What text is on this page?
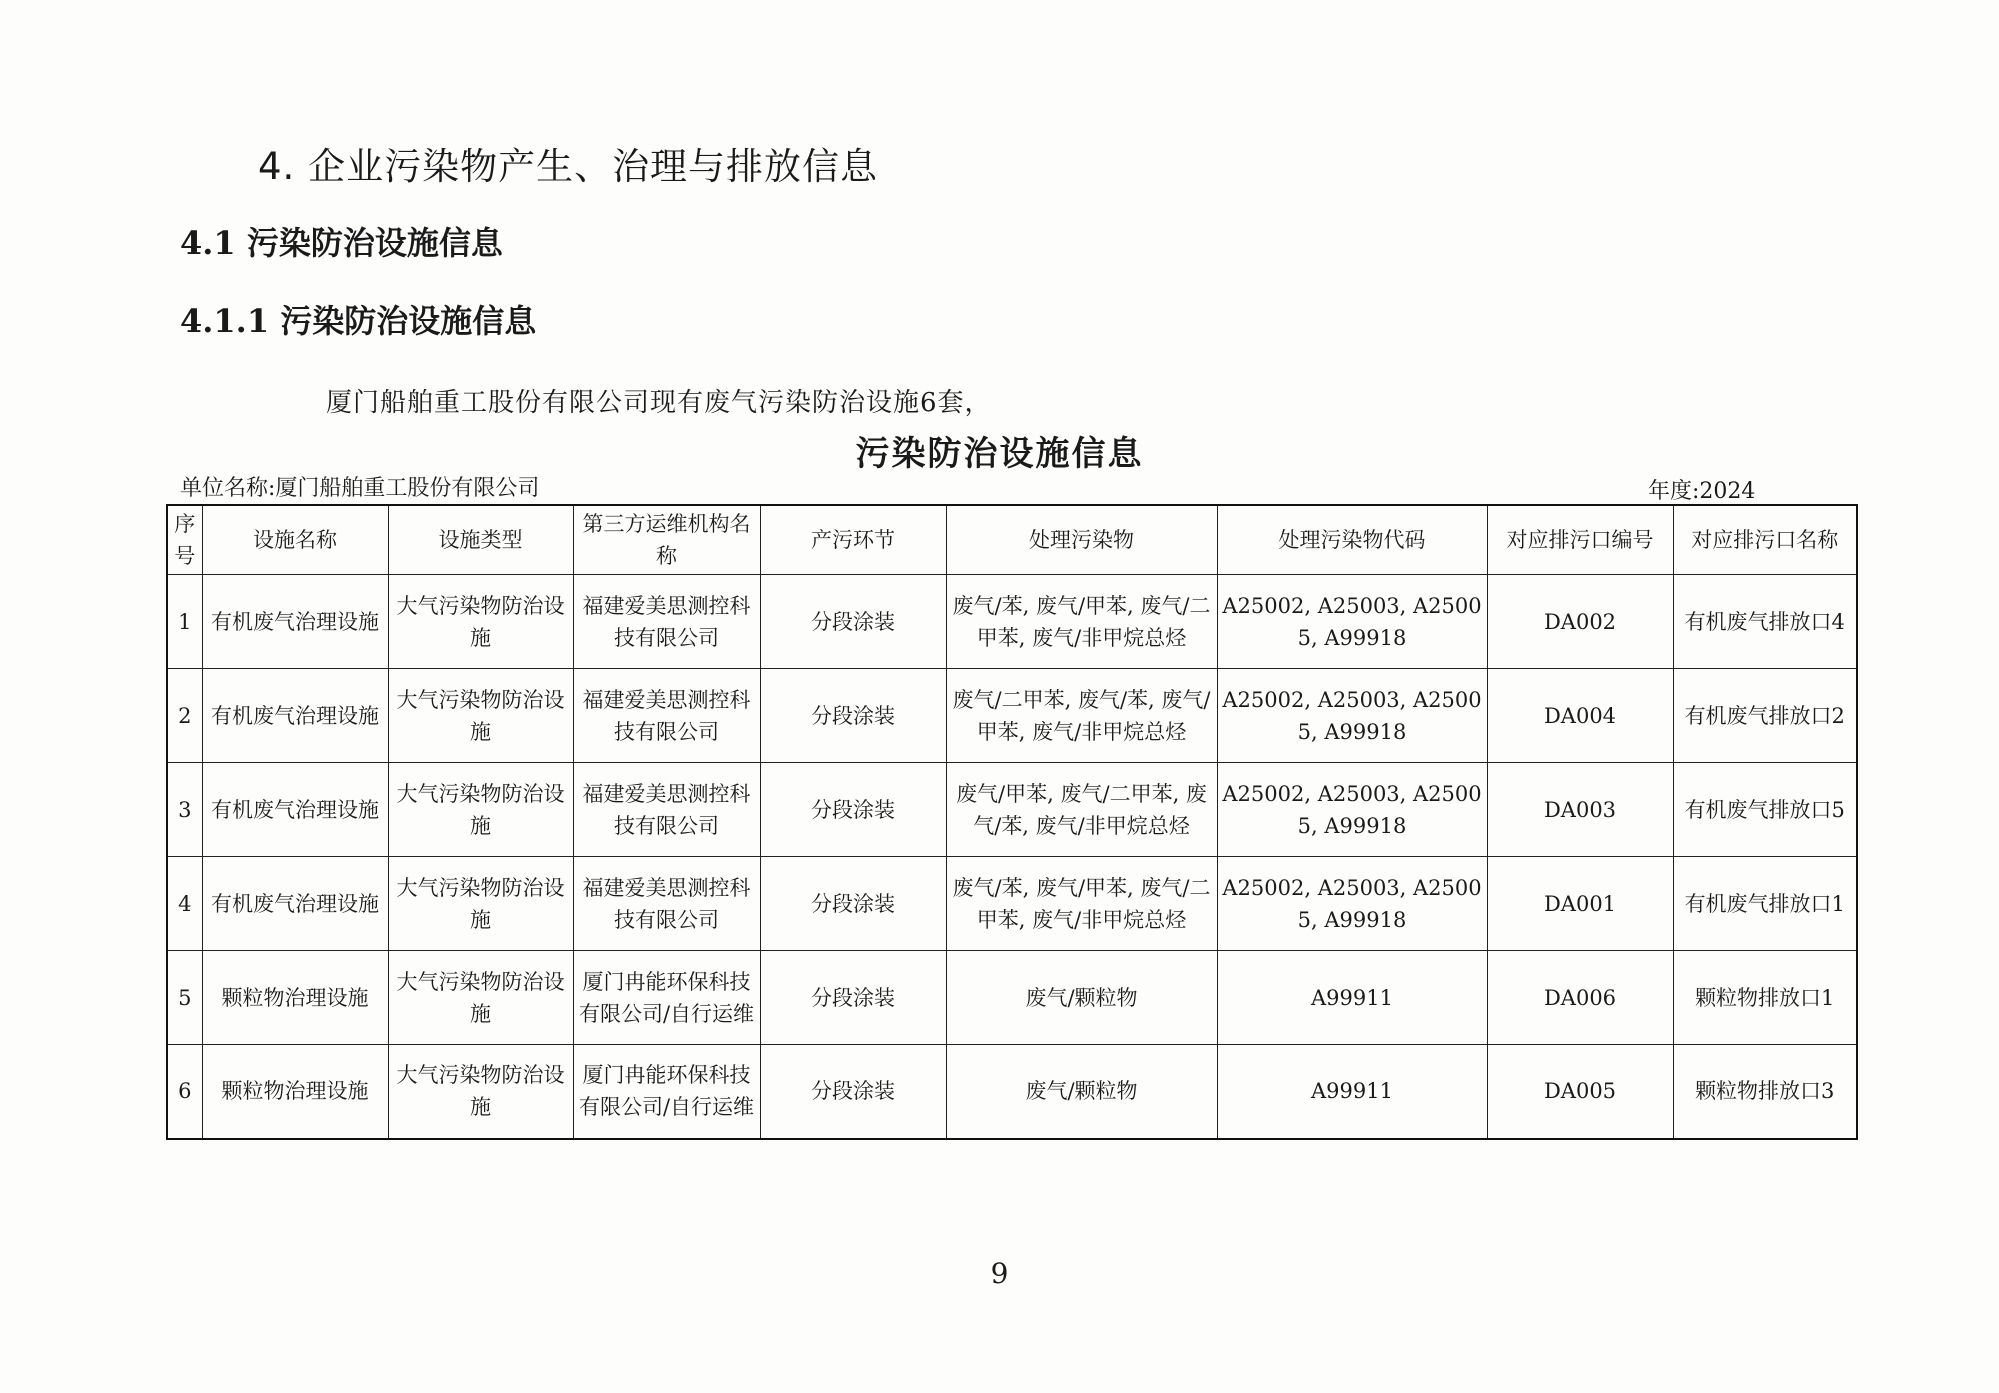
4. 企业污染物产生、治理与排放信息
4.1 污染防治设施信息
4.1.1 污染防治设施信息
厦门船舶重工股份有限公司现有废气污染防治设施6套，
污染防治设施信息
单位名称:厦门船舶重工股份有限公司	年度:2024
序号	设施名称	设施类型	第三方运维机构名称	产污环节	处理污染物	处理污染物代码	对应排污口编号	对应排污口名称
1	有机废气治理设施	大气污染物防治设施	福建爱美思测控科技有限公司	分段涂装	废气/苯, 废气/甲苯, 废气/二甲苯, 废气/非甲烷总烃	A25002, A25003, A25005, A99918	DA002	有机废气排放口4
2	有机废气治理设施	大气污染物防治设施	福建爱美思测控科技有限公司	分段涂装	废气/二甲苯, 废气/苯, 废气/甲苯, 废气/非甲烷总烃	A25002, A25003, A25005, A99918	DA004	有机废气排放口2
3	有机废气治理设施	大气污染物防治设施	福建爱美思测控科技有限公司	分段涂装	废气/甲苯, 废气/二甲苯, 废气/苯, 废气/非甲烷总烃	A25002, A25003, A25005, A99918	DA003	有机废气排放口5
4	有机废气治理设施	大气污染物防治设施	福建爱美思测控科技有限公司	分段涂装	废气/苯, 废气/甲苯, 废气/二甲苯, 废气/非甲烷总烃	A25002, A25003, A25005, A99918	DA001	有机废气排放口1
5	颗粒物治理设施	大气污染物防治设施	厦门冉能环保科技有限公司/自行运维	分段涂装	废气/颗粒物	A99911	DA006	颗粒物排放口1
6	颗粒物治理设施	大气污染物防治设施	厦门冉能环保科技有限公司/自行运维	分段涂装	废气/颗粒物	A99911	DA005	颗粒物排放口3
9
